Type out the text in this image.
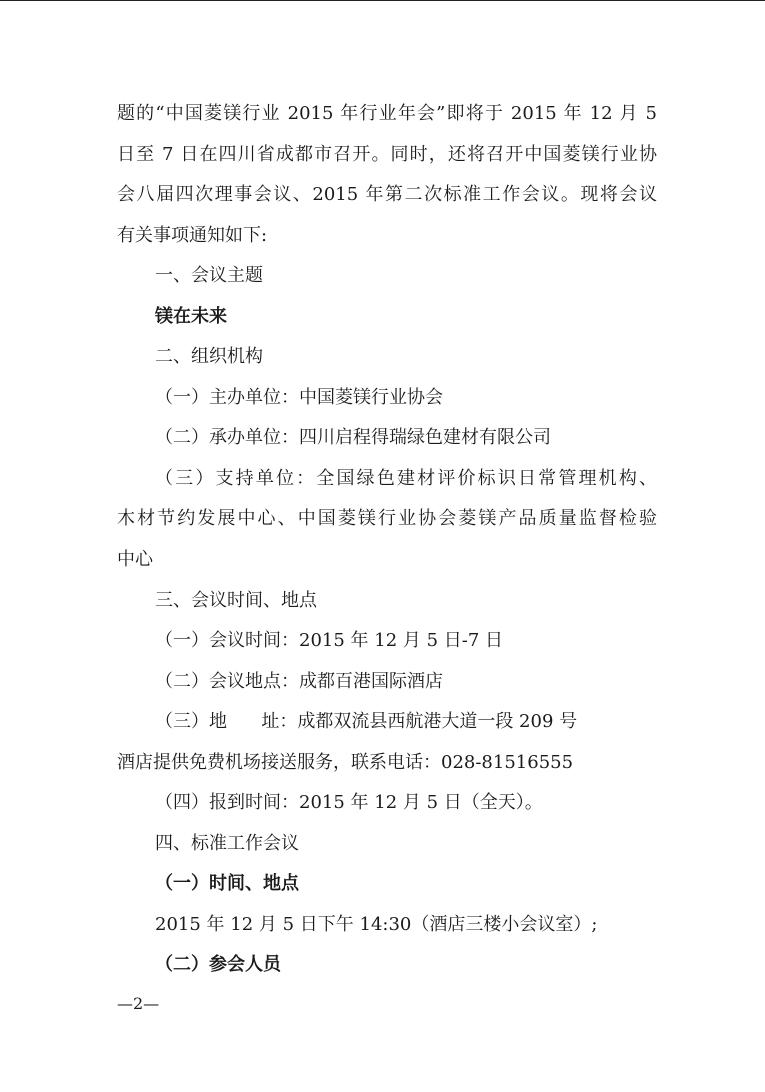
题的“中国菱镁行业 2015 年行业年会”即将于 2015 年 12 月 5
日至 7 日在四川省成都市召开。同时，还将召开中国菱镁行业协
会八届四次理事会议、2015 年第二次标准工作会议。现将会议
有关事项通知如下:
一、会议主题
镁在未来
二、组织机构
（一）主办单位：中国菱镁行业协会
（二）承办单位：四川启程得瑞绿色建材有限公司
（三）支持单位：全国绿色建材评价标识日常管理机构、
木材节约发展中心、中国菱镁行业协会菱镁产品质量监督检验
中心
三、会议时间、地点
（一）会议时间：2015 年 12 月 5 日-7 日
（二）会议地点：成都百港国际酒店
（三）地      址：成都双流县西航港大道一段 209 号
酒店提供免费机场接送服务，联系电话：028-81516555
（四）报到时间：2015 年 12 月 5 日（全天）。
四、标准工作会议
（一）时间、地点
2015 年 12 月 5 日下午 14:30（酒店三楼小会议室）;
（二）参会人员
—2—
